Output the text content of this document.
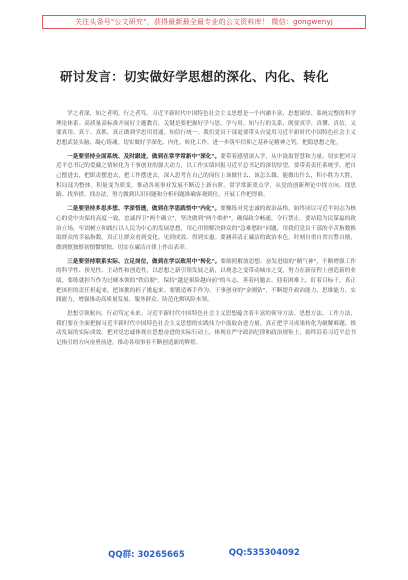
关注头条号"公文研究"，获得最新最全最专业的公文资料库！ 微信：gongwenyj
研讨发言：切实做好学思想的深化、内化、转化

学之者深，知之者明，行之者笃。习近平新时代中国特色社会主义思想是一个内涵丰富、思想深厚、系统完整的科学理论体系。高质量高标准开展好主题教育，关键是要把握好学与思、学与用、知与行的关系，既要真学、真懂、真信，又要真用、真干、真抓，真正做到学思用贯通、知信行统一。我们党员干部更要带头自觉用习近平新时代中国特色社会主义思想武装头脑、凝心铸魂，切实做好学深化、内化、转化工作，进一步筑牢信仰之基补足精神之钙，把稳思想之舵。

一是要坚持全面系统、及时跟进，做到在常学常新中"深化"。要带着感情深入学，从中汲取智慧和力量。切实把对习近平总书记的爱戴之情转化为干事创业的强大动力，以工作实绩回报习近平总书记的深切厚望。要带着责任系统学，把自己摆进去，把职责摆进去，把工作摆进去，深入思考在自己的岗位上该做什么、该怎么做、能做出什么，积小胜为大胜，积局部为整体。积量变为质变，推动各项事业发展不断迈上新台阶。常学常新重点学，从党的创新理论中找方向、找思路、找举措、找办法，努力做到认识问题和分析问题准确客观到位，开展工作把得准。

二是要坚持多思多想、学深悟透，做到在学思践悟中"内化"。要赚练对党忠诚的政治品格，始终同以习近平同志为核心的党中央保持高度一致，忠诚捍卫"两个确立"，坚决做到"两个维护"，确保政令畅通，令行禁止。要站稳为民谋福的政治立场，牢固树立和践行以人民为中心的发展思想，用心用情解决群众的"急难愁盼"问题，用我们党员干部的辛苦指数换取群众的幸福指数。真正让群众看到变化、见到成效、得到实惠。要涵养清正廉洁的政治本色，时刻自重自省自警自励，做到慎独慎初慎微慎独，切实在廉洁自律上作出表率。

三是要坚持联系实际、立足岗位，做到在学以致用中"转化"。要细照解放思想、奋发进取的"精气神"，不断增强工作的科学性、预见性、主动性和创造性，以思想之新引领发展之新，以观念之变带动城市之变，努力在新征程上创造新的业绩。要练就担当作为过硬本领的"铁肩膀"，保持"越是艰险越向前"的斗志，善着问题去、迎着困难上，盯着目标干，真正把该担的责任担起来，把该挑的担子挑起来。要锻造赛手作为、干事创业的"金刚钻"，不断提升政治能力、思维能力、实践能力，增强推动高质量发展、服务群众、防范化解风险本领。

思想引领航向，行动笃定未来。习近平新时代中国特色社会主义思想蕴含着丰富的领导方法、思想方法、工作方法，我们要在全面把握习近平新时代中国特色社会主义思想的实践伟力中汲取奋进力量，真正把学习成果转化为破解难题、推动发展的实际成效。把对党忠诚体现在思想奋进的实际行动上，体现在严守政治纪律和政治规矩上，始终沿着习近平总书记指引的方向奋勇前进，推动各项事业不断创造新的辉煌。

QQ群: 30265665	QQ:535304092
